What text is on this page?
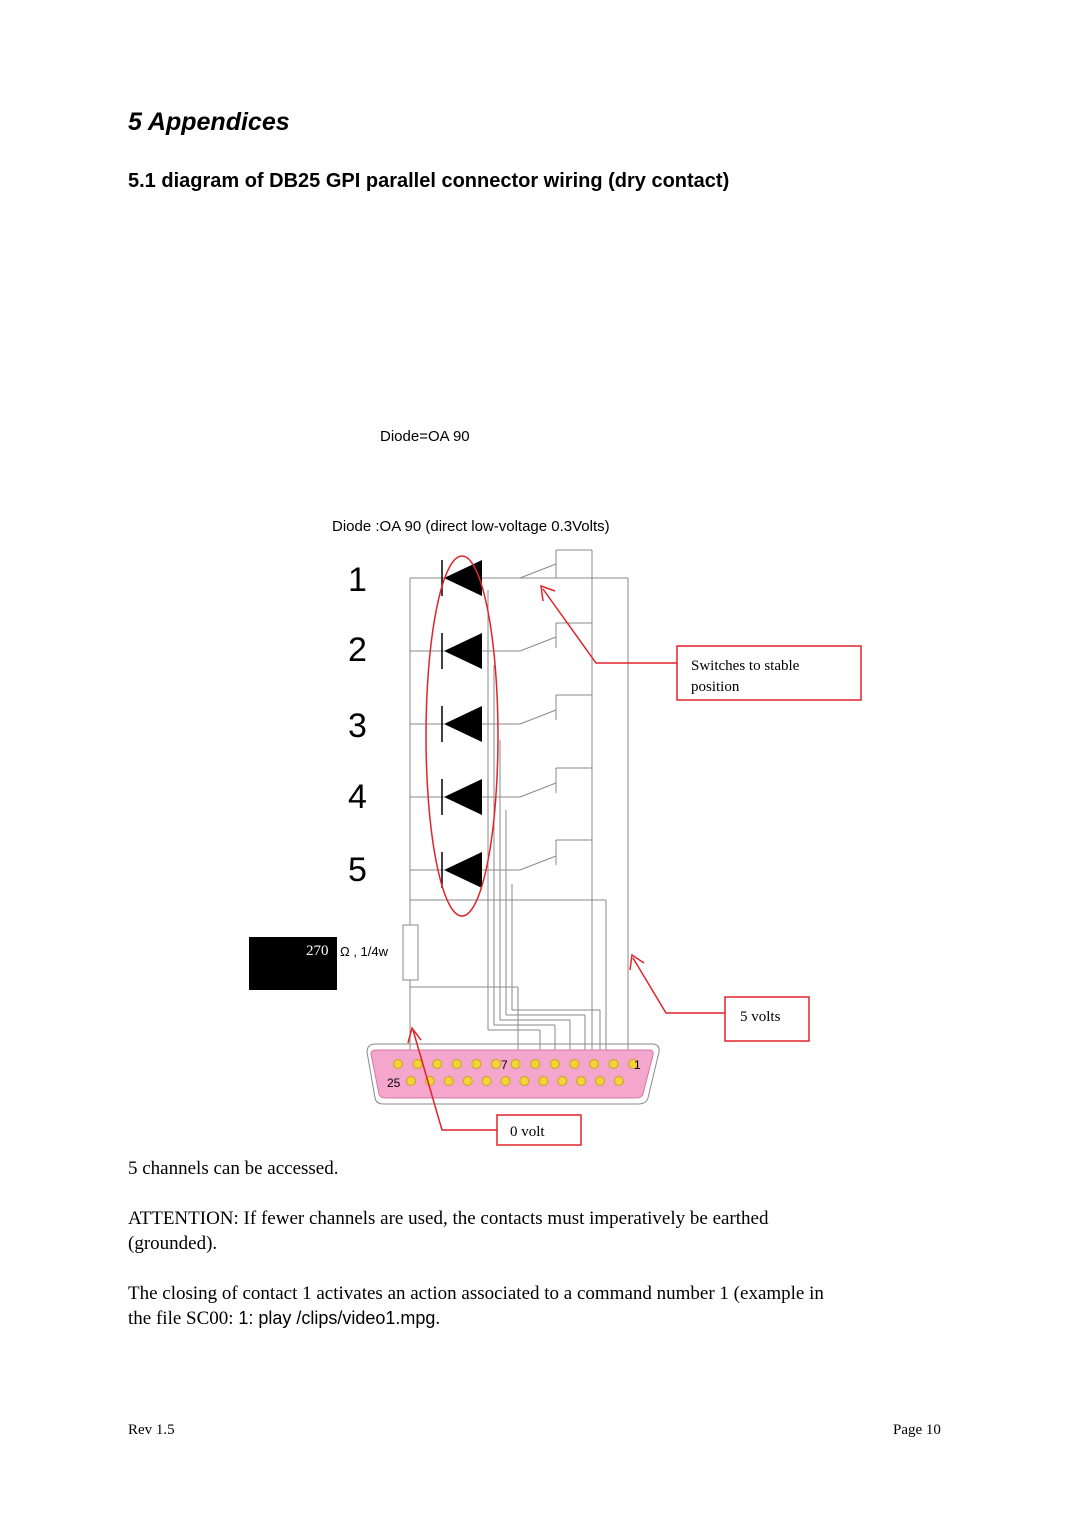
5 Appendices
5.1 diagram of DB25 GPI parallel connector wiring (dry contact)
Diode=OA 90
Diode :OA 90 (direct low-voltage 0.3Volts)
1
2
3
4
5
270 Ω , 1/4w
7	1
25
Switches to stable
position
5 volts
0 volt
5 channels can be accessed.
ATTENTION: If fewer channels are used, the contacts must imperatively be earthed
(grounded).
The closing of contact 1 activates an action associated to a command number 1 (example in
the file SC00: 1: play /clips/video1.mpg.
Rev 1.5	Page 10
